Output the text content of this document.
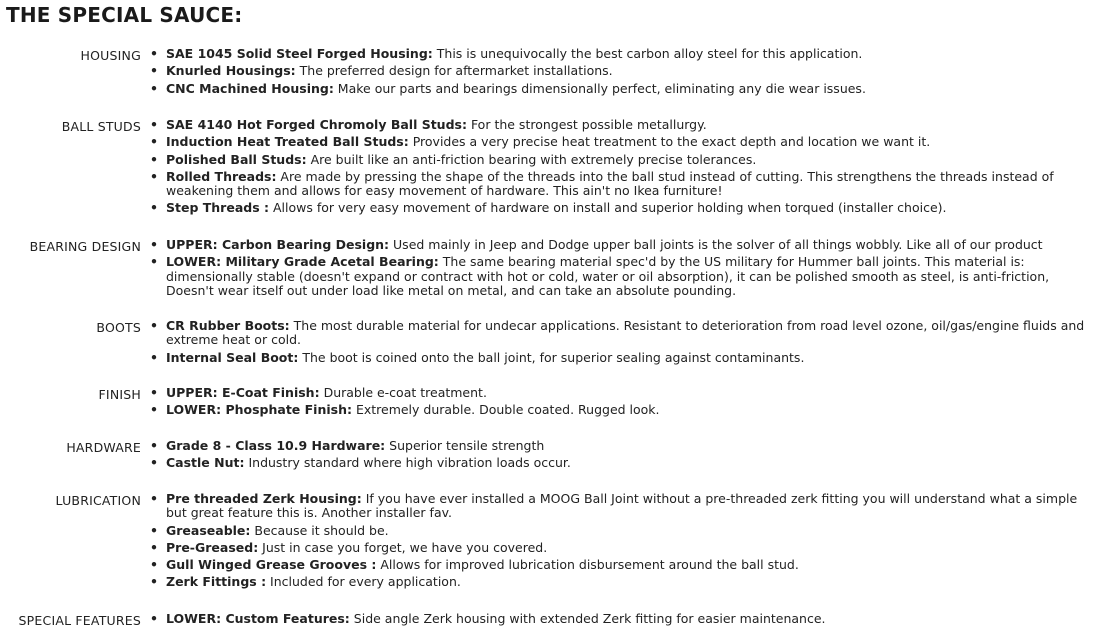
THE SPECIAL SAUCE:
HOUSING	• SAE 1045 Solid Steel Forged Housing: This is unequivocally the best carbon alloy steel for this application.
• Knurled Housings: The preferred design for aftermarket installations.
• CNC Machined Housing: Make our parts and bearings dimensionally perfect, eliminating any die wear issues.
BALL STUDS	• SAE 4140 Hot Forged Chromoly Ball Studs: For the strongest possible metallurgy.
• Induction Heat Treated Ball Studs: Provides a very precise heat treatment to the exact depth and location we want it.
• Polished Ball Studs: Are built like an anti-friction bearing with extremely precise tolerances.
• Rolled Threads: Are made by pressing the shape of the threads into the ball stud instead of cutting. This strengthens the threads instead of weakening them and allows for easy movement of hardware. This ain't no Ikea furniture!
• Step Threads : Allows for very easy movement of hardware on install and superior holding when torqued (installer choice).
BEARING DESIGN	• UPPER: Carbon Bearing Design: Used mainly in Jeep and Dodge upper ball joints is the solver of all things wobbly. Like all of our product
• LOWER: Military Grade Acetal Bearing: The same bearing material spec'd by the US military for Hummer ball joints. This material is: dimensionally stable (doesn't expand or contract with hot or cold, water or oil absorption), it can be polished smooth as steel, is anti-friction, Doesn't wear itself out under load like metal on metal, and can take an absolute pounding.
BOOTS	• CR Rubber Boots: The most durable material for undecar applications. Resistant to deterioration from road level ozone, oil/gas/engine fluids and extreme heat or cold.
• Internal Seal Boot: The boot is coined onto the ball joint, for superior sealing against contaminants.
FINISH	• UPPER: E-Coat Finish: Durable e-coat treatment.
• LOWER: Phosphate Finish: Extremely durable. Double coated. Rugged look.
HARDWARE	• Grade 8 - Class 10.9 Hardware: Superior tensile strength
• Castle Nut: Industry standard where high vibration loads occur.
LUBRICATION	• Pre threaded Zerk Housing: If you have ever installed a MOOG Ball Joint without a pre-threaded zerk fitting you will understand what a simple but great feature this is. Another installer fav.
• Greaseable: Because it should be.
• Pre-Greased: Just in case you forget, we have you covered.
• Gull Winged Grease Grooves : Allows for improved lubrication disbursement around the ball stud.
• Zerk Fittings : Included for every application.
SPECIAL FEATURES	• LOWER: Custom Features: Side angle Zerk housing with extended Zerk fitting for easier maintenance.
